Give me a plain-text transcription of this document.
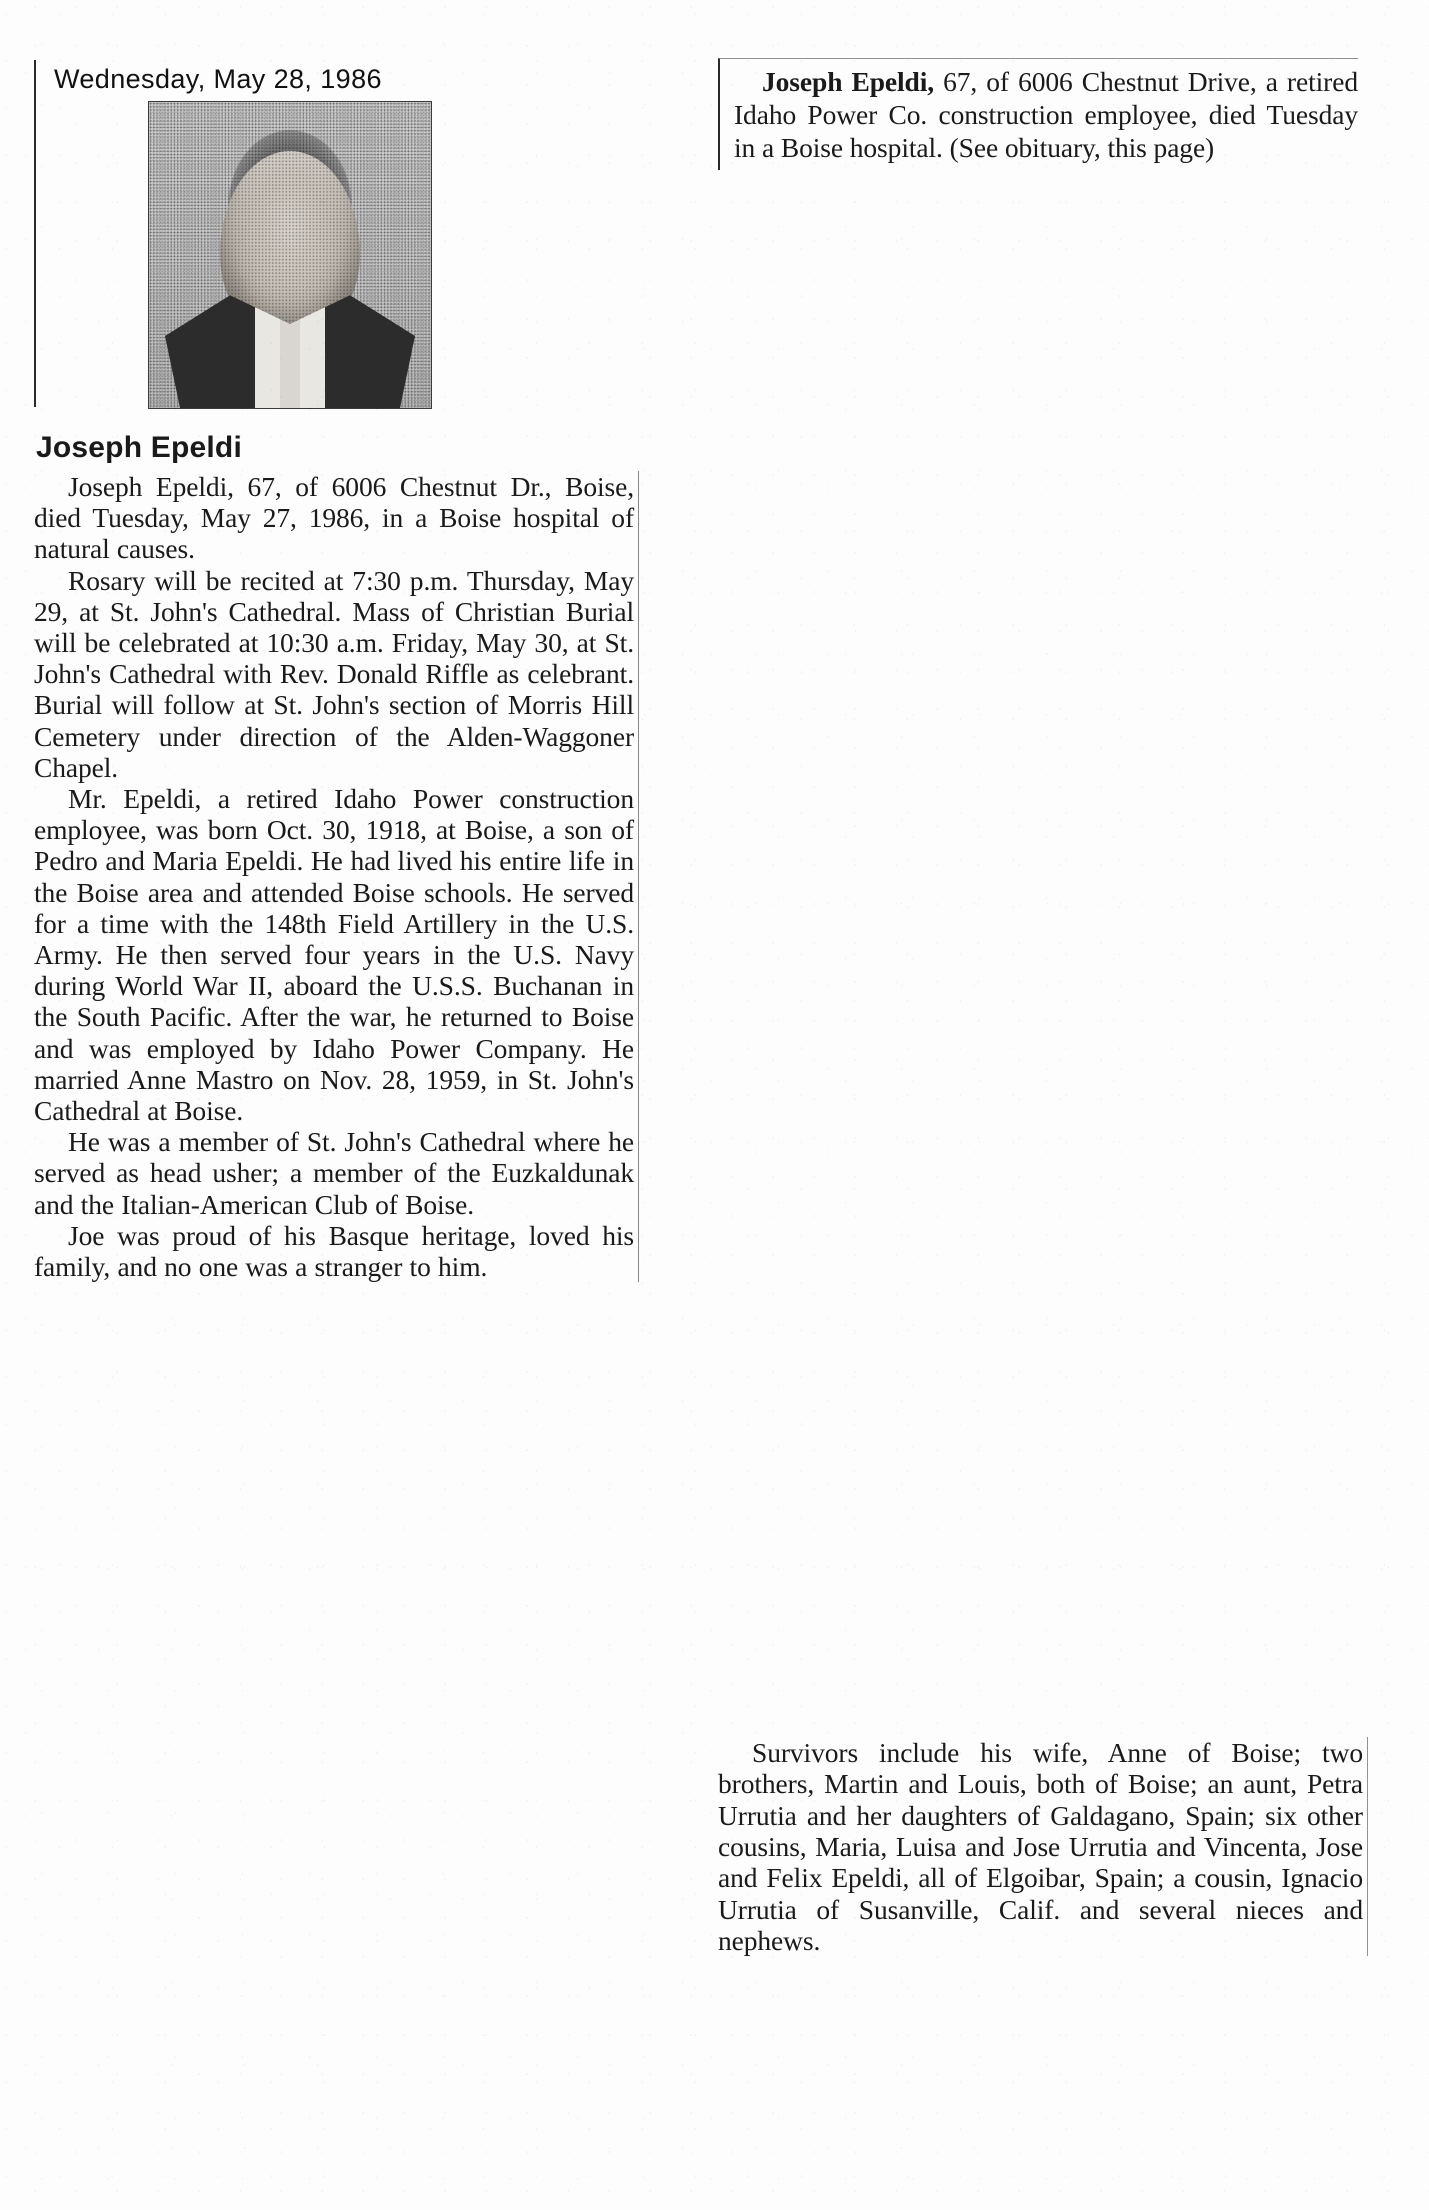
Wednesday, May 28, 1986
Joseph Epeldi

Joseph Epeldi, 67, of 6006 Chestnut Dr., Boise, died Tuesday, May 27, 1986, in a Boise hospital of natural causes.

Rosary will be recited at 7:30 p.m. Thursday, May 29, at St. John's Cathedral. Mass of Christian Burial will be celebrated at 10:30 a.m. Friday, May 30, at St. John's Cathedral with Rev. Donald Riffle as celebrant. Burial will follow at St. John's section of Morris Hill Cemetery under direction of the Alden-Waggoner Chapel.

Mr. Epeldi, a retired Idaho Power construction employee, was born Oct. 30, 1918, at Boise, a son of Pedro and Maria Epeldi. He had lived his entire life in the Boise area and attended Boise schools. He served for a time with the 148th Field Artillery in the U.S. Army. He then served four years in the U.S. Navy during World War II, aboard the U.S.S. Buchanan in the South Pacific. After the war, he returned to Boise and was employed by Idaho Power Company. He married Anne Mastro on Nov. 28, 1959, in St. John's Cathedral at Boise.

He was a member of St. John's Cathedral where he served as head usher; a member of the Euzkaldunak and the Italian-American Club of Boise.

Joe was proud of his Basque heritage, loved his family, and no one was a stranger to him.

Joseph Epeldi, 67, of 6006 Chestnut Drive, a retired Idaho Power Co. construction employee, died Tuesday in a Boise hospital. (See obituary, this page)

Survivors include his wife, Anne of Boise; two brothers, Martin and Louis, both of Boise; an aunt, Petra Urrutia and her daughters of Galdagano, Spain; six other cousins, Maria, Luisa and Jose Urrutia and Vincenta, Jose and Felix Epeldi, all of Elgoibar, Spain; a cousin, Ignacio Urrutia of Susanville, Calif. and several nieces and nephews.
